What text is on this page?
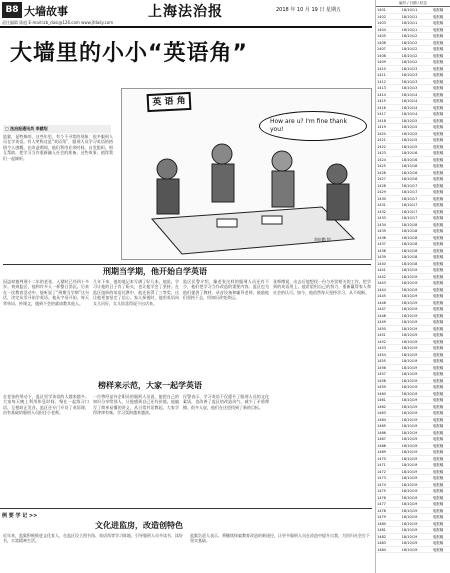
B8 大墙故事	上海法治报	2018 年 10 月 19 日 星期五
责任编辑 陈庭 E-mail:lzb_dasi@126.com www.jfdaily.com
大墙里的小小“英语角”
□ 法治报通讯员 李慈绍
监狱，是特殊的、这些年里，有个不寻常的现象：很多服刑人员在学英语。有人笑称这是“英语角”，服刑人员学习英语的热情令人感慨。在改造期间，他们利用业余时间，自发组织、相互帮助，把学习当作重新融入社会的准备。这些故事，值得我们一起倾听。
英 语 角
How are u? I'm fine thank you!
刘庆勤 绘
刑期当学期，他开始自学英语
因盗窃被判刑十二年的老张，入狱时已经四十多岁。初到监区，他和许多人一样整日消沉。后来在一次教育活动中，他听说了“刑期当学期”这句话，决定从零开始学英语。他从字母开始，每天背单词、抄课文，遇到不会的就请教其他人。
几年下来，他的笔记本写满了好几本。他说，学习让他的日子有了盼头，也让他学会了坚持。在监区组织的英语比赛中，他还获得了三等奖，这让他更加坚定了信心。家人探视时，他用英语向女儿问好，女儿惊喜得说不出话来。
监区民警介绍，像老张这样的服刑人员还有不少，他们把学习当作改造的重要内容。监区也为他们提供了教材、录音设备和辅导老师，鼓励他们坚持下去，用知识改变命运。
榜样来示范，大家一起学英语
在老张的带动下，监区里学英语的人越来越多。大家每天晚上利用休息时间，聚在一起练习口语，互相纠正发音。监区还专门开设了英语课，由有基础的服刑人员担任小老师。
一位曾经是外企职员的服刑人员说，能把自己的知识分享给别人，让他感到自己还有价值。他编写了简单易懂的讲义，从日常对话教起，大家学得津津有味，学习氛围越来越浓。
民警表示，学习英语不仅提升了服刑人员的文化素质，也改善了监区的改造风气，减少了矛盾摩擦。很多人说，他们在这里找到了新的目标。
张师傅说，出去后他想找一份与外贸相关的工作，把学到的英语用上。他希望用自己的努力，重新赢得家人和社会的认可。如今，他依然每天坚持学习，从不间断。
例 要 学 记 >>
文化进监房，改造创特色
近年来，监狱积极推进文化育人，在监区设立图书角、英语角等学习阵地，引导服刑人员多读书、读好书，丰富精神生活。
监狱负责人表示，将继续探索教育改造的新途径，让更多服刑人员在改造中提升自我，为回归社会打下坚实基础。
编号 / 日期 / 状态
1401	18/10/11	电报稿
1402	18/10/11	电报稿
1403	18/10/11	电报稿
1404	18/10/11	电报稿
1405	18/10/12	电报稿
1406	18/10/12	电报稿
1407	18/10/12	电报稿
1408	18/10/12	电报稿
1409	18/10/12	电报稿
1410	18/10/13	电报稿
1411	18/10/13	电报稿
1412	18/10/13	电报稿
1413	18/10/13	电报稿
1414	18/10/14	电报稿
1415	18/10/14	电报稿
1416	18/10/14	电报稿
1417	18/10/14	电报稿
1418	18/10/15	电报稿
1419	18/10/15	电报稿
1420	18/10/15	电报稿
1421	18/10/15	电报稿
1422	18/10/15	电报稿
1423	18/10/16	电报稿
1424	18/10/16	电报稿
1425	18/10/16	电报稿
1426	18/10/16	电报稿
1427	18/10/16	电报稿
1428	18/10/17	电报稿
1429	18/10/17	电报稿
1430	18/10/17	电报稿
1431	18/10/17	电报稿
1432	18/10/17	电报稿
1433	18/10/17	电报稿
1434	18/10/18	电报稿
1435	18/10/18	电报稿
1436	18/10/18	电报稿
1437	18/10/18	电报稿
1438	18/10/18	电报稿
1439	18/10/18	电报稿
1440	18/10/18	电报稿
1441	18/10/19	电报稿
1442	18/10/19	电报稿
1443	18/10/19	电报稿
1444	18/10/19	电报稿
1445	18/10/19	电报稿
1446	18/10/19	电报稿
1447	18/10/19	电报稿
1448	18/10/19	电报稿
1449	18/10/19	电报稿
1450	18/10/19	电报稿
1451	18/10/19	电报稿
1452	18/10/19	电报稿
1453	18/10/19	电报稿
1454	18/10/19	电报稿
1455	18/10/19	电报稿
1456	18/10/19	电报稿
1457	18/10/19	电报稿
1458	18/10/19	电报稿
1459	18/10/19	电报稿
1460	18/10/19	电报稿
1461	18/10/19	电报稿
1462	18/10/19	电报稿
1463	18/10/19	电报稿
1464	18/10/19	电报稿
1465	18/10/19	电报稿
1466	18/10/19	电报稿
1467	18/10/19	电报稿
1468	18/10/19	电报稿
1469	18/10/19	电报稿
1470	18/10/19	电报稿
1471	18/10/19	电报稿
1472	18/10/19	电报稿
1473	18/10/19	电报稿
1474	18/10/19	电报稿
1475	18/10/19	电报稿
1476	18/10/19	电报稿
1477	18/10/19	电报稿
1478	18/10/19	电报稿
1479	18/10/19	电报稿
1480	18/10/19	电报稿
1481	18/10/19	电报稿
1482	18/10/19	电报稿
1483	18/10/19	电报稿
1484	18/10/19	电报稿
